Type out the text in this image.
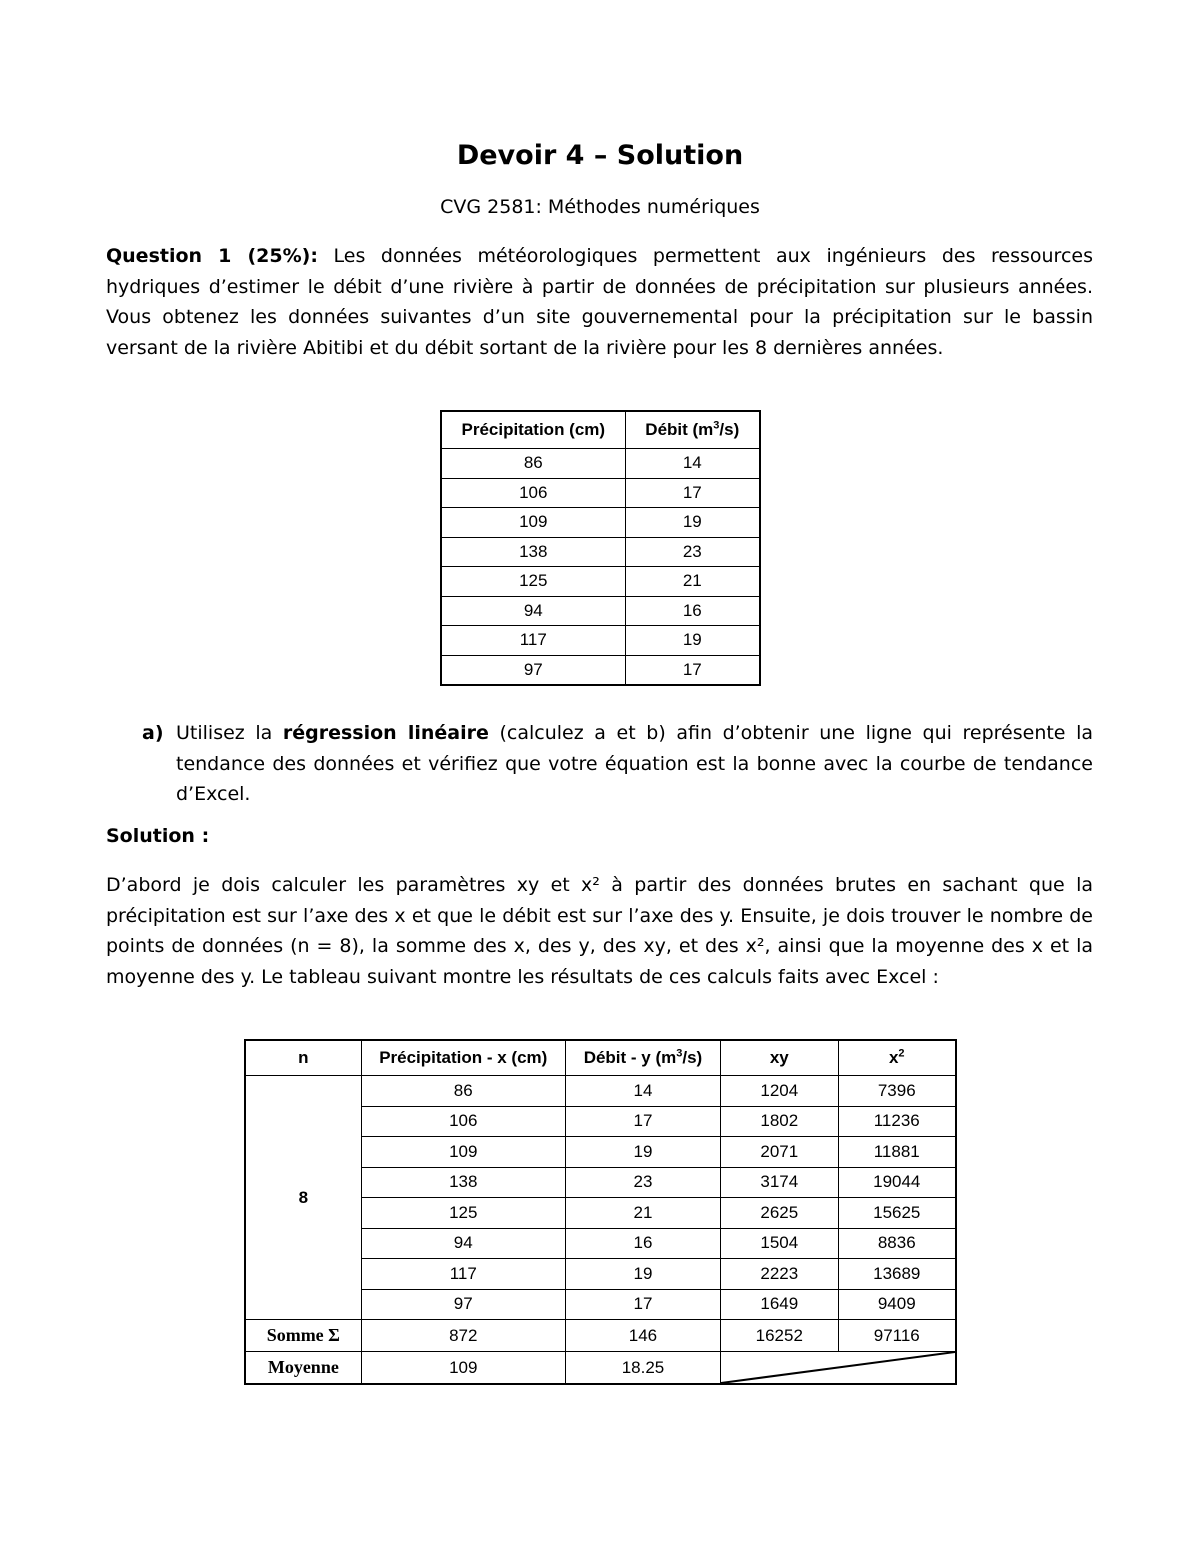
Devoir 4 – Solution
CVG 2581: Méthodes numériques
Question 1 (25%): Les données météorologiques permettent aux ingénieurs des ressources hydriques d’estimer le débit d’une rivière à partir de données de précipitation sur plusieurs années. Vous obtenez les données suivantes d’un site gouvernemental pour la précipitation sur le bassin versant de la rivière Abitibi et du débit sortant de la rivière pour les 8 dernières années.
Précipitation (cm)	Débit $(m^3/s)$
86	14
106	17
109	19
138	23
125	21
94	16
117	19
97	17
a) Utilisez la régression linéaire (calculez a et b) afin d’obtenir une ligne qui représente la tendance des données et vérifiez que votre équation est la bonne avec la courbe de tendance d’Excel.
Solution :
D’abord je dois calculer les paramètres xy et x² à partir des données brutes en sachant que la précipitation est sur l’axe des x et que le débit est sur l’axe des y. Ensuite, je dois trouver le nombre de points de données (n = 8), la somme des x, des y, des xy, et des x², ainsi que la moyenne des x et la moyenne des y. Le tableau suivant montre les résultats de ces calculs faits avec Excel :
n	Précipitation - x (cm)	Débit - y $(m^3/s)$	xy	$x^2$
8	86	14	1204	7396
	106	17	1802	11236
	109	19	2071	11881
	138	23	3174	19044
	125	21	2625	15625
	94	16	1504	8836
	117	19	2223	13689
	97	17	1649	9409
Somme Σ	872	146	16252	97116
Moyenne	109	18.25	
